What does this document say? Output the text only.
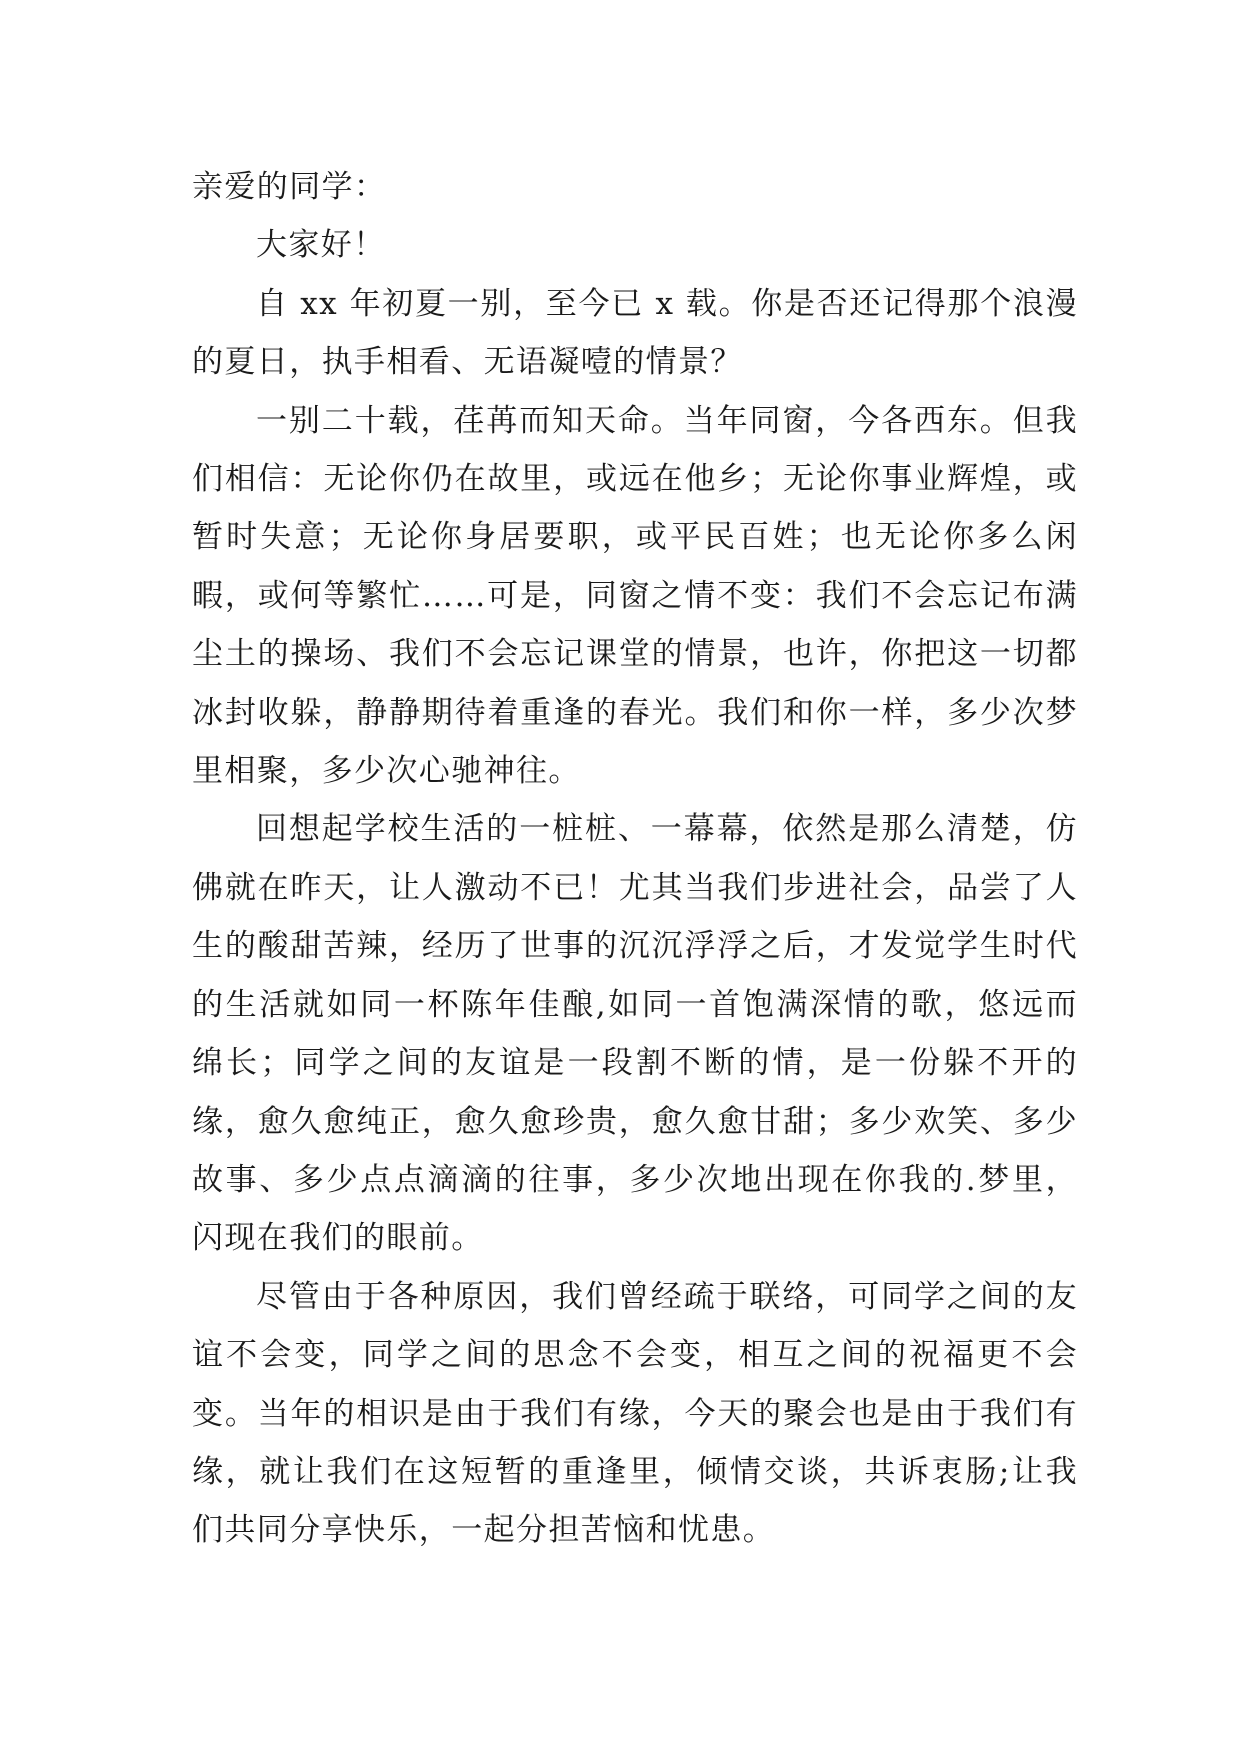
亲爱的同学：

大家好！

自 xx 年初夏一别，至今已 x 载。你是否还记得那个浪漫的夏日，执手相看、无语凝噎的情景？

一别二十载，荏苒而知天命。当年同窗，今各西东。但我们相信：无论你仍在故里，或远在他乡；无论你事业辉煌，或暂时失意；无论你身居要职，或平民百姓；也无论你多么闲暇，或何等繁忙……可是，同窗之情不变：我们不会忘记布满尘土的操场、我们不会忘记课堂的情景，也许，你把这一切都冰封收躲，静静期待着重逢的春光。我们和你一样，多少次梦里相聚，多少次心驰神往。

回想起学校生活的一桩桩、一幕幕，依然是那么清楚，仿佛就在昨天，让人激动不已！尤其当我们步进社会，品尝了人生的酸甜苦辣，经历了世事的沉沉浮浮之后，才发觉学生时代的生活就如同一杯陈年佳酿,如同一首饱满深情的歌，悠远而绵长；同学之间的友谊是一段割不断的情，是一份躲不开的缘，愈久愈纯正，愈久愈珍贵，愈久愈甘甜；多少欢笑、多少故事、多少点点滴滴的往事，多少次地出现在你我的.梦里，闪现在我们的眼前。

尽管由于各种原因，我们曾经疏于联络，可同学之间的友谊不会变，同学之间的思念不会变，相互之间的祝福更不会变。当年的相识是由于我们有缘，今天的聚会也是由于我们有缘，就让我们在这短暂的重逢里，倾情交谈，共诉衷肠;让我们共同分享快乐，一起分担苦恼和忧患。
